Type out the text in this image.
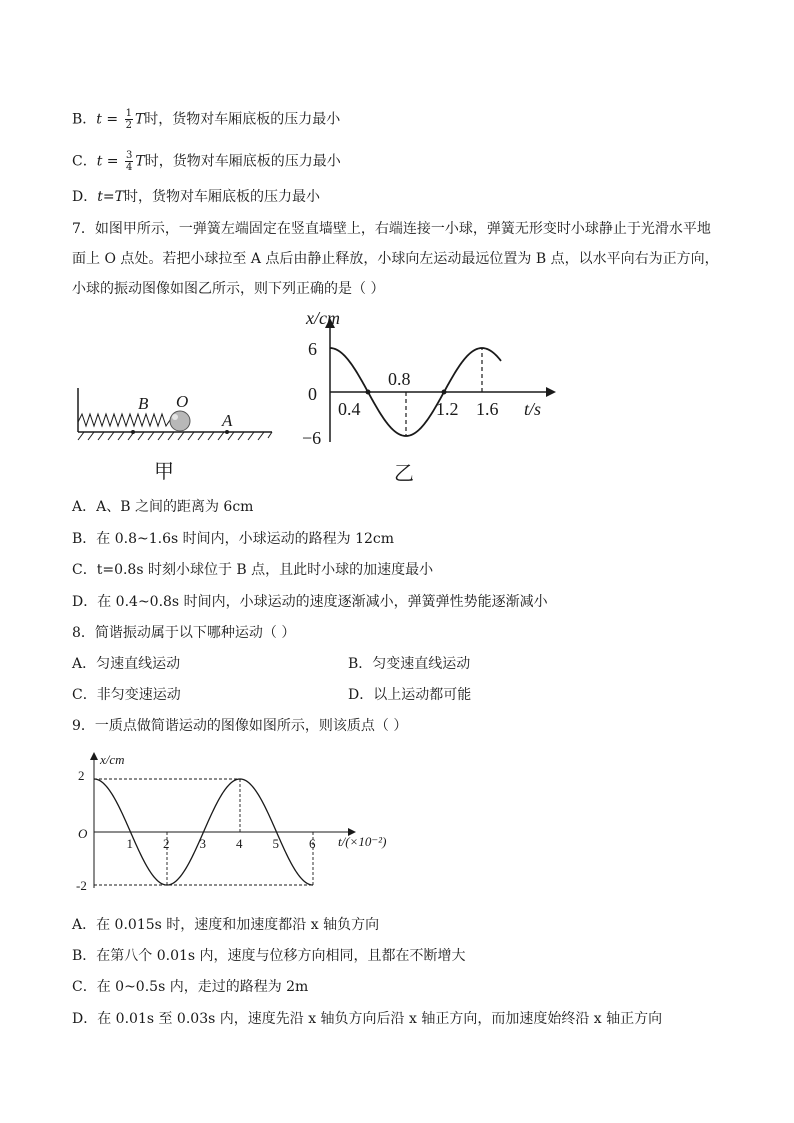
B．$t = \frac{1}{2}$ T时，货物对车厢底板的压力最小
C．$t = \frac{3}{4}$ T时，货物对车厢底板的压力最小
D．t=T时，货物对车厢底板的压力最小
7．如图甲所示，一弹簧左端固定在竖直墙壁上，右端连接一小球，弹簧无形变时小球静止于光滑水平地
面上 O 点处。若把小球拉至 A 点后由静止释放，小球向左运动最远位置为 B 点，以水平向右为正方向，
小球的振动图像如图乙所示，则下列正确的是（ ）
B O
A
甲
x/cm
6
0
−6
0.4
0.8
1.2 1.6 t/s
乙
A．A、B 之间的距离为 6cm
B．在 0.8~1.6s 时间内，小球运动的路程为 12cm
C．t=0.8s 时刻小球位于 B 点，且此时小球的加速度最小
D．在 0.4~0.8s 时间内，小球运动的速度逐渐减小，弹簧弹性势能逐渐减小
8．简谐振动属于以下哪种运动（ ）
A．匀速直线运动	B．匀变速直线运动
C．非匀变速运动	D．以上运动都可能
9．一质点做简谐运动的图像如图所示，则该质点（ ）
x/cm
2
O
-2
1 2 3 4 5 6 t/(×10⁻²)
A．在 0.015s 时，速度和加速度都沿 x 轴负方向
B．在第八个 0.01s 内，速度与位移方向相同，且都在不断增大
C．在 0~0.5s 内，走过的路程为 2m
D．在 0.01s 至 0.03s 内，速度先沿 x 轴负方向后沿 x 轴正方向，而加速度始终沿 x 轴正方向
